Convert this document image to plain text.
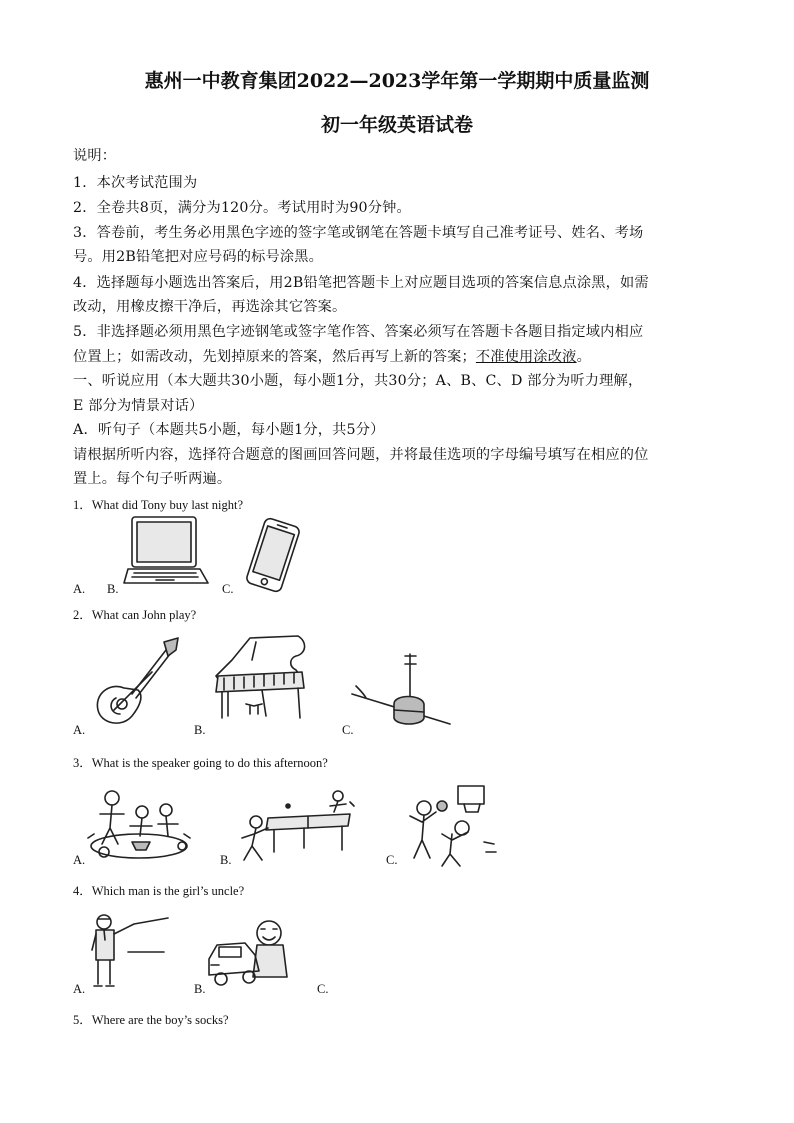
惠州一中教育集团2022—2023学年第一学期期中质量监测
初一年级英语试卷
说明：
1．本次考试范围为
2．全卷共8页，满分为120分。考试用时为90分钟。
3．答卷前，考生务必用黑色字迹的签字笔或钢笔在答题卡填写自己准考证号、姓名、考场
号。用2B铅笔把对应号码的标号涂黑。
4．选择题每小题选出答案后，用2B铅笔把答题卡上对应题目选项的答案信息点涂黑，如需
改动，用橡皮擦干净后，再选涂其它答案。
5．非选择题必须用黑色字迹钢笔或签字笔作答、答案必须写在答题卡各题目指定域内相应
位置上；如需改动，先划掉原来的答案，然后再写上新的答案；不准使用涂改液。
一、听说应用（本大题共30小题，每小题1分，共30分；A、B、C、D 部分为听力理解，
E 部分为情景对话）
A．听句子（本题共5小题，每小题1分，共5分）
请根据所听内容，选择符合题意的图画回答问题，并将最佳选项的字母编号填写在相应的位
置上。每个句子听两遍。
1．What did Tony buy last night?
A. B.	C.
2．What can John play?
A.	B.	C.
3．What is the speaker going to do this afternoon?
A.	B.	C.
4．Which man is the girl’s uncle?
A.	B.	C.
5．Where are the boy’s socks?
